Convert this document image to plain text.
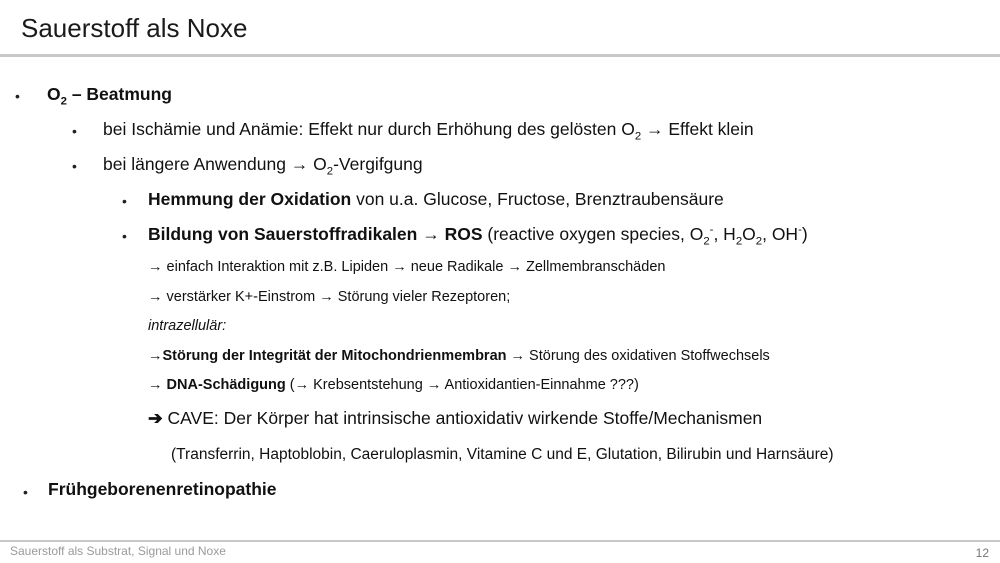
Sauerstoff als Noxe
• $O_2$ – Beatmung
• bei Ischämie und Anämie: Effekt nur durch Erhöhung des gelösten $O_2$ → Effekt klein
• bei längere Anwendung → $O_2$-Vergifgung
• Hemmung der Oxidation von u.a. Glucose, Fructose, Brenztraubensäure
• Bildung von Sauerstoffradikalen → ROS (reactive oxygen species, $O_2^-$, $H_2O_2$, OH-)
→ einfach Interaktion mit z.B. Lipiden → neue Radikale → Zellmembranschäden
→ verstärker K+-Einstrom → Störung vieler Rezeptoren;
intrazellulär:
→Störung der Integrität der Mitochondrienmembran → Störung des oxidativen Stoffwechsels
→ DNA-Schädigung (→ Krebsentstehung → Antioxidantien-Einnahme ???)
➔ CAVE: Der Körper hat intrinsische antioxidativ wirkende Stoffe/Mechanismen
(Transferrin, Haptoblobin, Caeruloplasmin, Vitamine C und E, Glutation, Bilirubin und Harnsäure)
• Frühgeborenenretinopathie
Sauerstoff als Substrat, Signal und Noxe	12
